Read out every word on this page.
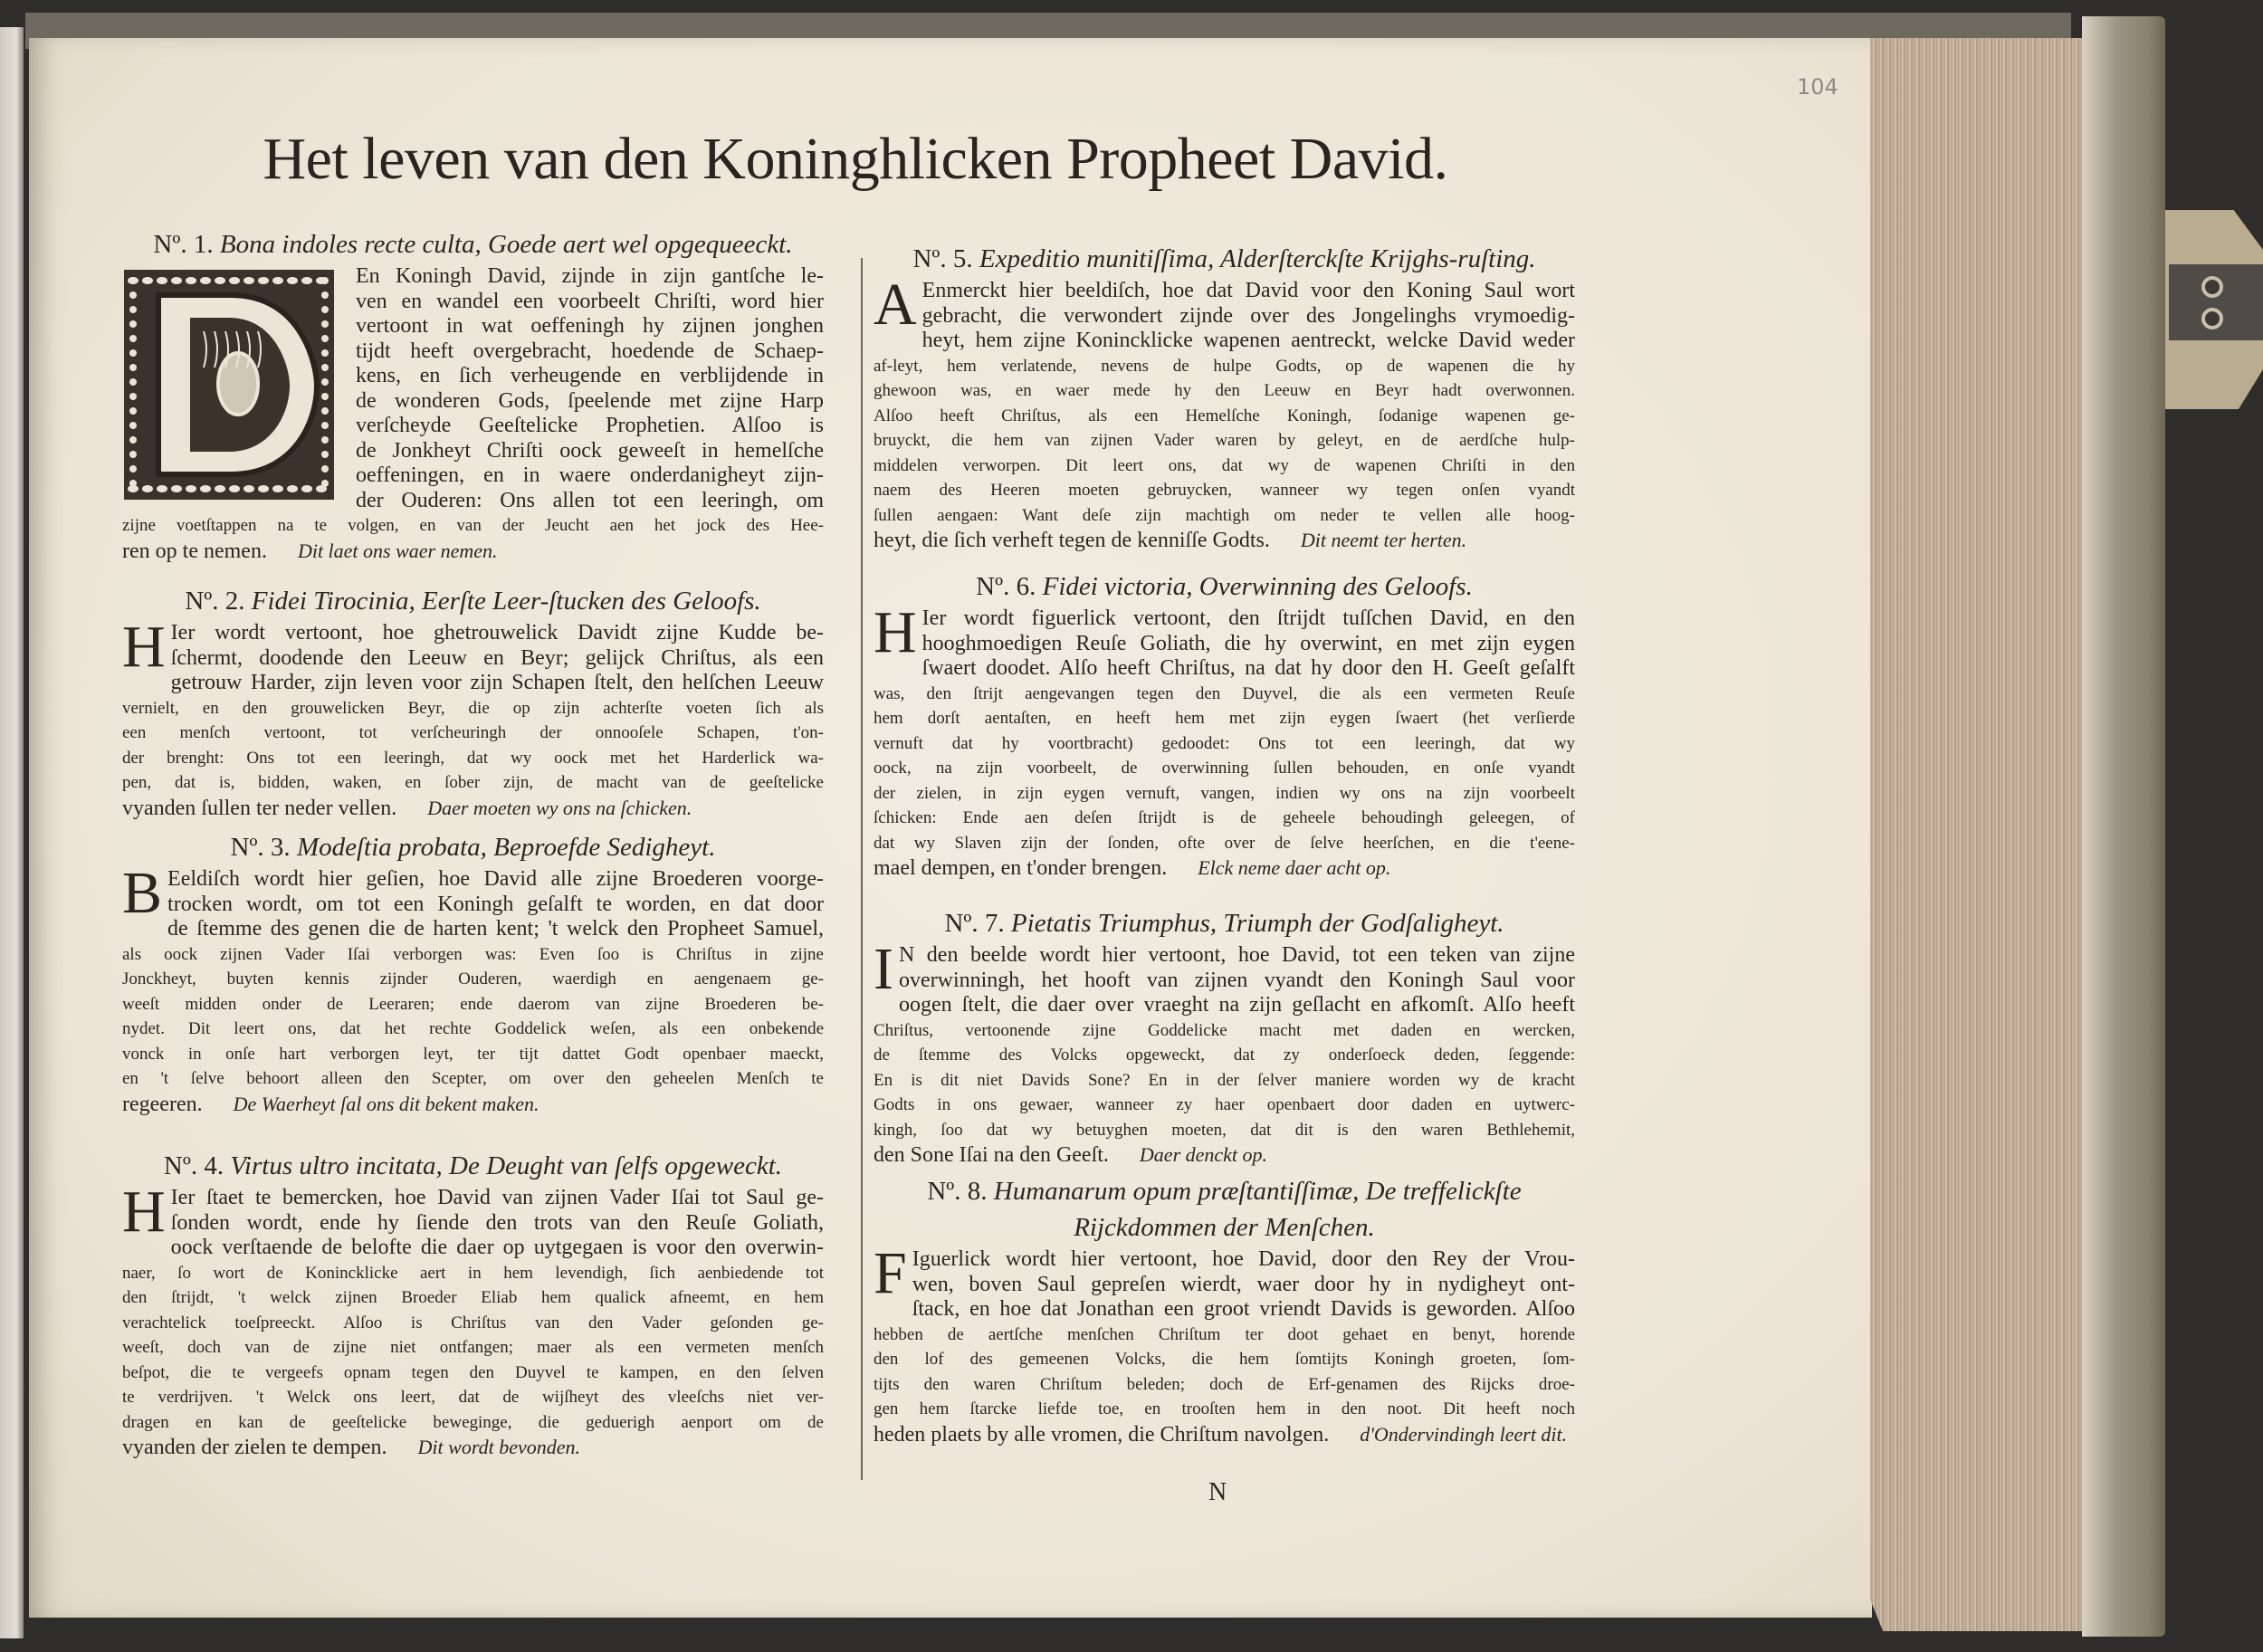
104
Het leven van den Koninghlicken Propheet David.
Nº. 1. Bona indoles recte culta, Goede aert wel opgequeeckt.
En Koningh David, zijnde in zijn gantſche le-
ven en wandel een voorbeelt Chriſti, word hier
vertoont in wat oeffeningh hy zijnen jonghen
tijdt heeft overgebracht, hoedende de Schaep-
kens, en ſich verheugende en verblijdende in
de wonderen Gods, ſpeelende met zijne Harp
verſcheyde Geeſtelicke Prophetien. Alſoo is
de Jonkheyt Chriſti oock geweeſt in hemelſche
oeffeningen, en in waere onderdanigheyt zijn-
der Ouderen: Ons allen tot een leeringh, om
zijne voetſtappen na te volgen, en van der Jeucht aen het jock des Hee-
ren op te nemen. Dit laet ons waer nemen.
Nº. 2. Fidei Tirocinia, Eerſte Leer-ſtucken des Geloofs.
H Ier wordt vertoont, hoe ghetrouwelick Davidt zijne Kudde be-
ſchermt, doodende den Leeuw en Beyr; gelijck Chriſtus, als een
getrouw Harder, zijn leven voor zijn Schapen ſtelt, den helſchen Leeuw
vernielt, en den grouwelicken Beyr, die op zijn achterſte voeten ſich als
een menſch vertoont, tot verſcheuringh der onnooſele Schapen, t'on-
der brenght: Ons tot een leeringh, dat wy oock met het Harderlick wa-
pen, dat is, bidden, waken, en ſober zijn, de macht van de geeſtelicke
vyanden ſullen ter neder vellen. Daer moeten wy ons na ſchicken.
Nº. 3. Modeſtia probata, Beproefde Sedigheyt.
B Eeldiſch wordt hier geſien, hoe David alle zijne Broederen voorge-
trocken wordt, om tot een Koningh geſalft te worden, en dat door
de ſtemme des genen die de harten kent; 't welck den Propheet Samuel,
als oock zijnen Vader Iſai verborgen was: Even ſoo is Chriſtus in zijne
Jonckheyt, buyten kennis zijnder Ouderen, waerdigh en aengenaem ge-
weeſt midden onder de Leeraren; ende daerom van zijne Broederen be-
nydet. Dit leert ons, dat het rechte Goddelick weſen, als een onbekende
vonck in onſe hart verborgen leyt, ter tijt dattet Godt openbaer maeckt,
en 't ſelve behoort alleen den Scepter, om over den geheelen Menſch te
regeeren. De Waerheyt ſal ons dit bekent maken.
Nº. 4. Virtus ultro incitata, De Deught van ſelfs opgeweckt.
H Ier ſtaet te bemercken, hoe David van zijnen Vader Iſai tot Saul ge-
ſonden wordt, ende hy ſiende den trots van den Reuſe Goliath,
oock verſtaende de belofte die daer op uytgegaen is voor den overwin-
naer, ſo wort de Konincklicke aert in hem levendigh, ſich aenbiedende tot
den ſtrijdt, 't welck zijnen Broeder Eliab hem qualick afneemt, en hem
verachtelick toeſpreeckt. Alſoo is Chriſtus van den Vader geſonden ge-
weeſt, doch van de zijne niet ontfangen; maer als een vermeten menſch
beſpot, die te vergeefs opnam tegen den Duyvel te kampen, en den ſelven
te verdrijven. 't Welck ons leert, dat de wijſheyt des vleeſchs niet ver-
dragen en kan de geeſtelicke beweginge, die geduerigh aenport om de
vyanden der zielen te dempen. Dit wordt bevonden.
Nº. 5. Expeditio munitiſſima, Alderſterckſte Krijghs-ruſting.
A Enmerckt hier beeldiſch, hoe dat David voor den Koning Saul wort
gebracht, die verwondert zijnde over des Jongelinghs vrymoedig-
heyt, hem zijne Konincklicke wapenen aentreckt, welcke David weder
af-leyt, hem verlatende, nevens de hulpe Godts, op de wapenen die hy
ghewoon was, en waer mede hy den Leeuw en Beyr hadt overwonnen.
Alſoo heeft Chriſtus, als een Hemelſche Koningh, ſodanige wapenen ge-
bruyckt, die hem van zijnen Vader waren by geleyt, en de aerdſche hulp-
middelen verworpen. Dit leert ons, dat wy de wapenen Chriſti in den
naem des Heeren moeten gebruycken, wanneer wy tegen onſen vyandt
ſullen aengaen: Want deſe zijn machtigh om neder te vellen alle hoog-
heyt, die ſich verheft tegen de kenniſſe Godts. Dit neemt ter herten.
Nº. 6. Fidei victoria, Overwinning des Geloofs.
H Ier wordt figuerlick vertoont, den ſtrijdt tuſſchen David, en den
hooghmoedigen Reuſe Goliath, die hy overwint, en met zijn eygen
ſwaert doodet. Alſo heeft Chriſtus, na dat hy door den H. Geeſt geſalft
was, den ſtrijt aengevangen tegen den Duyvel, die als een vermeten Reuſe
hem dorſt aentaſten, en heeft hem met zijn eygen ſwaert (het verſierde
vernuft dat hy voortbracht) gedoodet: Ons tot een leeringh, dat wy
oock, na zijn voorbeelt, de overwinning ſullen behouden, en onſe vyandt
der zielen, in zijn eygen vernuft, vangen, indien wy ons na zijn voorbeelt
ſchicken: Ende aen deſen ſtrijdt is de geheele behoudingh geleegen, of
dat wy Slaven zijn der ſonden, ofte over de ſelve heerſchen, en die t'eene-
mael dempen, en t'onder brengen. Elck neme daer acht op.
Nº. 7. Pietatis Triumphus, Triumph der Godſaligheyt.
I N den beelde wordt hier vertoont, hoe David, tot een teken van zijne
overwinningh, het hooft van zijnen vyandt den Koningh Saul voor
oogen ſtelt, die daer over vraeght na zijn geſlacht en afkomſt. Alſo heeft
Chriſtus, vertoonende zijne Goddelicke macht met daden en wercken,
de ſtemme des Volcks opgeweckt, dat zy onderſoeck deden, ſeggende:
En is dit niet Davids Sone? En in der ſelver maniere worden wy de kracht
Godts in ons gewaer, wanneer zy haer openbaert door daden en uytwerc-
kingh, ſoo dat wy betuyghen moeten, dat dit is den waren Bethlehemit,
den Sone Iſai na den Geeſt. Daer denckt op.
Nº. 8. Humanarum opum præſtantiſſimæ, De treffelickſte
Rijckdommen der Menſchen.
F Iguerlick wordt hier vertoont, hoe David, door den Rey der Vrou-
wen, boven Saul gepreſen wierdt, waer door hy in nydigheyt ont-
ſtack, en hoe dat Jonathan een groot vriendt Davids is geworden. Alſoo
hebben de aertſche menſchen Chriſtum ter doot gehaet en benyt, horende
den lof des gemeenen Volcks, die hem ſomtijts Koningh groeten, ſom-
tijts den waren Chriſtum beleden; doch de Erf-genamen des Rijcks droe-
gen hem ſtarcke liefde toe, en trooſten hem in den noot. Dit heeft noch
heden plaets by alle vromen, die Chriſtum navolgen. d'Ondervindingh leert dit.
N
